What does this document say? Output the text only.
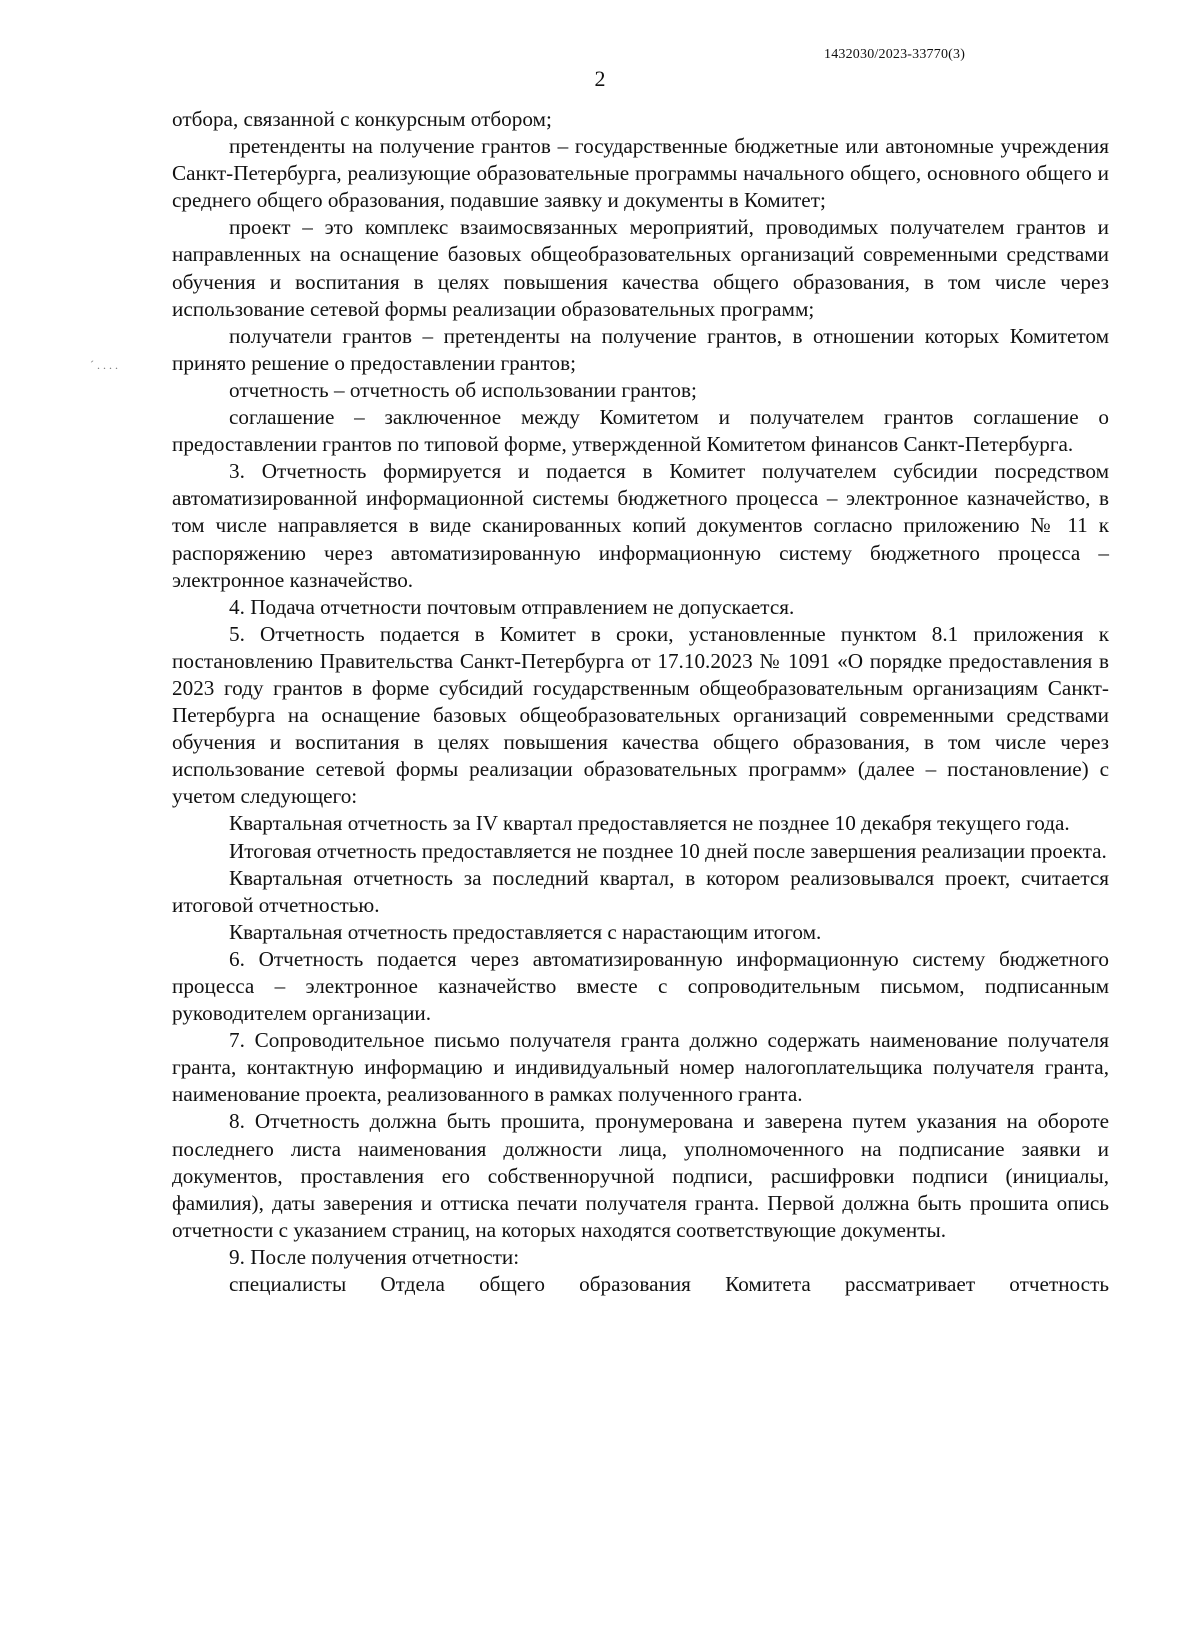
1432030/2023-33770(3)
2
ˊ . . . .

отбора, связанной с конкурсным отбором;

претенденты на получение грантов – государственные бюджетные или автономные учреждения Санкт-Петербурга, реализующие образовательные программы начального общего, основного общего и среднего общего образования, подавшие заявку и документы в Комитет;

проект – это комплекс взаимосвязанных мероприятий, проводимых получателем грантов и направленных на оснащение базовых общеобразовательных организаций современными средствами обучения и воспитания в целях повышения качества общего образования, в том числе через использование сетевой формы реализации образовательных программ;

получатели грантов – претенденты на получение грантов, в отношении которых Комитетом принято решение о предоставлении грантов;

отчетность – отчетность об использовании грантов;

соглашение – заключенное между Комитетом и получателем грантов соглашение о предоставлении грантов по типовой форме, утвержденной Комитетом финансов Санкт-Петербурга.

3. Отчетность формируется и подается в Комитет получателем субсидии посредством автоматизированной информационной системы бюджетного процесса – электронное казначейство, в том числе направляется в виде сканированных копий документов согласно приложению № 11 к распоряжению через автоматизированную информационную систему бюджетного процесса – электронное казначейство.

4. Подача отчетности почтовым отправлением не допускается.

5. Отчетность подается в Комитет в сроки, установленные пунктом 8.1 приложения к постановлению Правительства Санкт-Петербурга от 17.10.2023 № 1091 «О порядке предоставления в 2023 году грантов в форме субсидий государственным общеобразовательным организациям Санкт-Петербурга на оснащение базовых общеобразовательных организаций современными средствами обучения и воспитания в целях повышения качества общего образования, в том числе через использование сетевой формы реализации образовательных программ» (далее – постановление) с учетом следующего:

Квартальная отчетность за IV квартал предоставляется не позднее 10 декабря текущего года.

Итоговая отчетность предоставляется не позднее 10 дней после завершения реализации проекта.

Квартальная отчетность за последний квартал, в котором реализовывался проект, считается итоговой отчетностью.

Квартальная отчетность предоставляется с нарастающим итогом.

6. Отчетность подается через автоматизированную информационную систему бюджетного процесса – электронное казначейство вместе с сопроводительным письмом, подписанным руководителем организации.

7. Сопроводительное письмо получателя гранта должно содержать наименование получателя гранта, контактную информацию и индивидуальный номер налогоплательщика получателя гранта, наименование проекта, реализованного в рамках полученного гранта.

8. Отчетность должна быть прошита, пронумерована и заверена путем указания на обороте последнего листа наименования должности лица, уполномоченного на подписание заявки и документов, проставления его собственноручной подписи, расшифровки подписи (инициалы, фамилия), даты заверения и оттиска печати получателя гранта. Первой должна быть прошита опись отчетности с указанием страниц, на которых находятся соответствующие документы.

9. После получения отчетности:

специалисты Отдела общего образования Комитета рассматривает отчетность
